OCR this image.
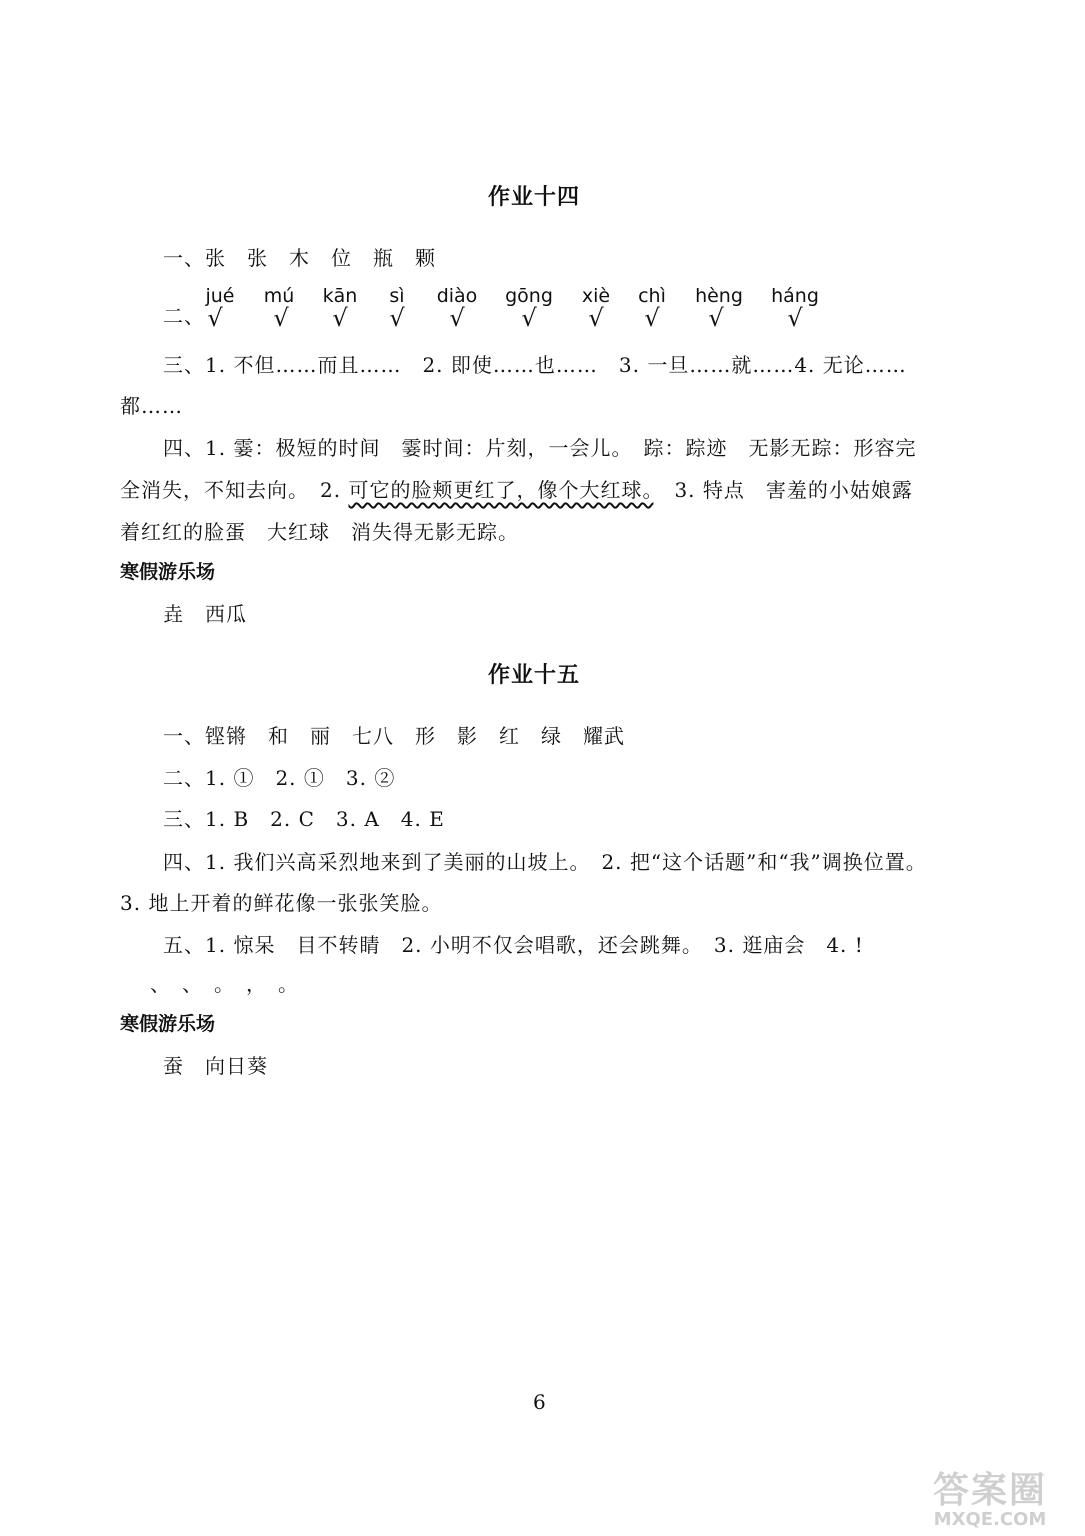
作业十四
一、张　张　木　位　瓶　颗
二、
jué	mú	kān	sì	diào	gōng	xiè	chì	hèng	háng
√	√	√	√	√	√	√	√	√	√
三、1. 不但……而且……　2. 即使……也……　3. 一旦……就……4. 无论……
都……
四、1. 霎：极短的时间　霎时间：片刻，一会儿。　踪：踪迹　无影无踪：形容完
全消失，不知去向。　2. 可它的脸颊更红了，像个大红球。　3. 特点　害羞的小姑娘露
着红红的脸蛋　大红球　消失得无影无踪。
寒假游乐场
垚　西瓜
作业十五
一、铿锵　和　丽　七八　形　影　红　绿　耀武
二、1. ①　2. ①　3. ②
三、1. B　2. C　3. A　4. E
四、1. 我们兴高采烈地来到了美丽的山坡上。　2. 把“这个话题”和“我”调换位置。
3. 地上开着的鲜花像一张张笑脸。
五、1. 惊呆　目不转睛　2. 小明不仅会唱歌，还会跳舞。　3. 逛庙会　4. !
、　、　。　，　。
寒假游乐场
蚕　向日葵
6
答案圈
MXQE.COM
